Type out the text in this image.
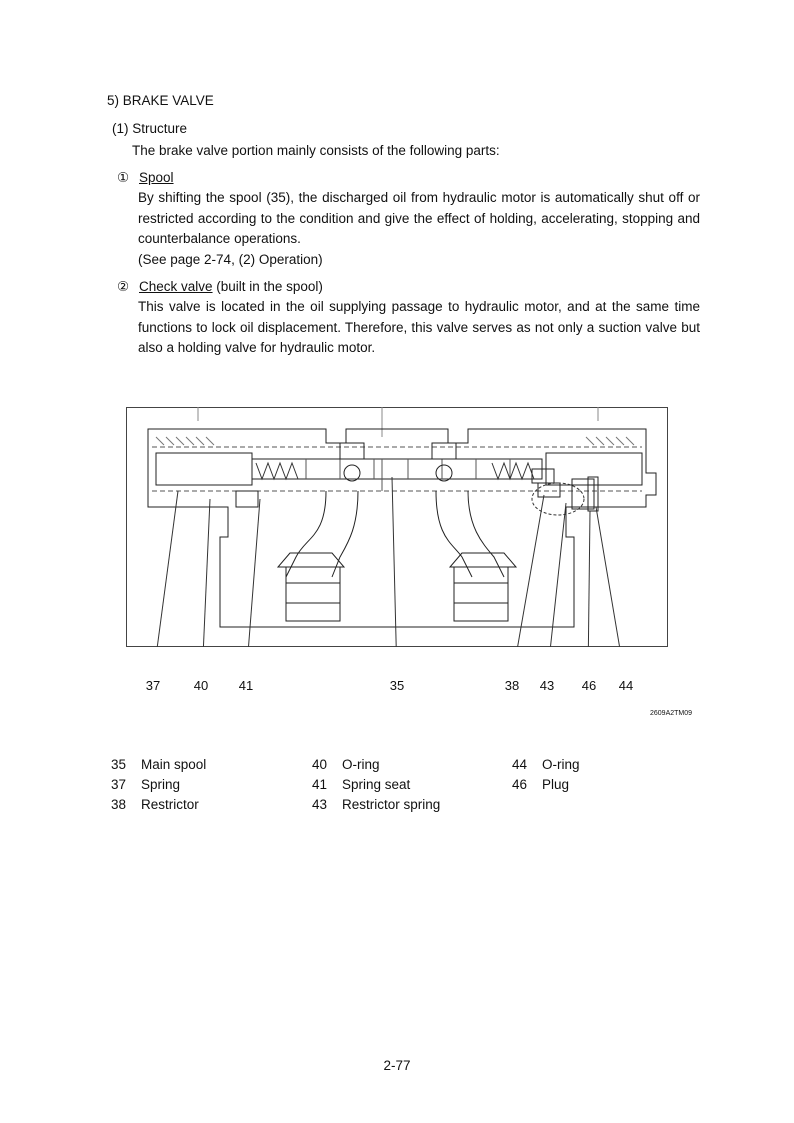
5) BRAKE VALVE
(1) Structure
The brake valve portion mainly consists of the following parts:
① Spool

By shifting the spool (35), the discharged oil from hydraulic motor is automatically shut off or restricted according to the condition and give the effect of holding, accelerating, stopping and counterbalance operations.

(See page 2-74, (2) Operation)

② Check valve (built in the spool)

This valve is located in the oil supplying passage to hydraulic motor, and at the same time functions to lock oil displacement. Therefore, this valve serves as not only a suction valve but also a holding valve for hydraulic motor.

37	40 41	35	38 43 46 44
2609A2TM09
35 Main spool
37 Spring
38 Restrictor
40 O-ring
41 Spring seat
43 Restrictor spring
44 O-ring
46 Plug
2-77
